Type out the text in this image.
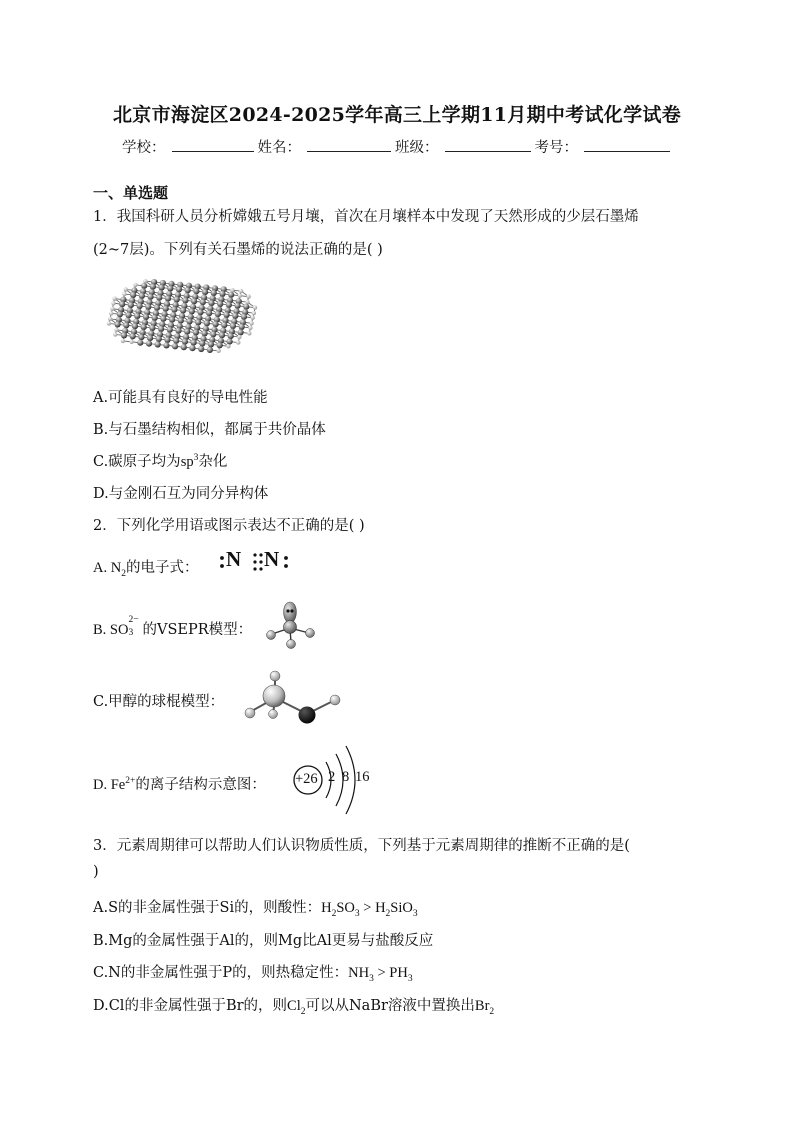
北京市海淀区2024-2025学年高三上学期11月期中考试化学试卷
学校：	姓名：	班级：	考号：
一、单选题
1．我国科研人员分析嫦娥五号月壤，首次在月壤样本中发现了天然形成的少层石墨烯
(2~7层)。下列有关石墨烯的说法正确的是( )
A.可能具有良好的导电性能
B.与石墨结构相似，都属于共价晶体
C.碳原子均为$sp^3$杂化
D.与金刚石互为同分异构体
2．下列化学用语或图示表达不正确的是( )
A. $N_2$的电子式： N N
B. SO
2−
3 的VSEPR模型：
C.甲醇的球棍模型：
D. $Fe^{2+}$的离子结构示意图： +26 2 8 16
3．元素周期律可以帮助人们认识物质性质，下列基于元素周期律的推断不正确的是(
)
A.S的非金属性强于Si的，则酸性：$H_2SO_3 > H_2SiO_3$
B.Mg的金属性强于Al的，则Mg比Al更易与盐酸反应
C.N的非金属性强于P的，则热稳定性：$NH_3 > PH_3$
D.Cl的非金属性强于Br的，则$Cl_2$可以从NaBr溶液中置换出$Br_2$
